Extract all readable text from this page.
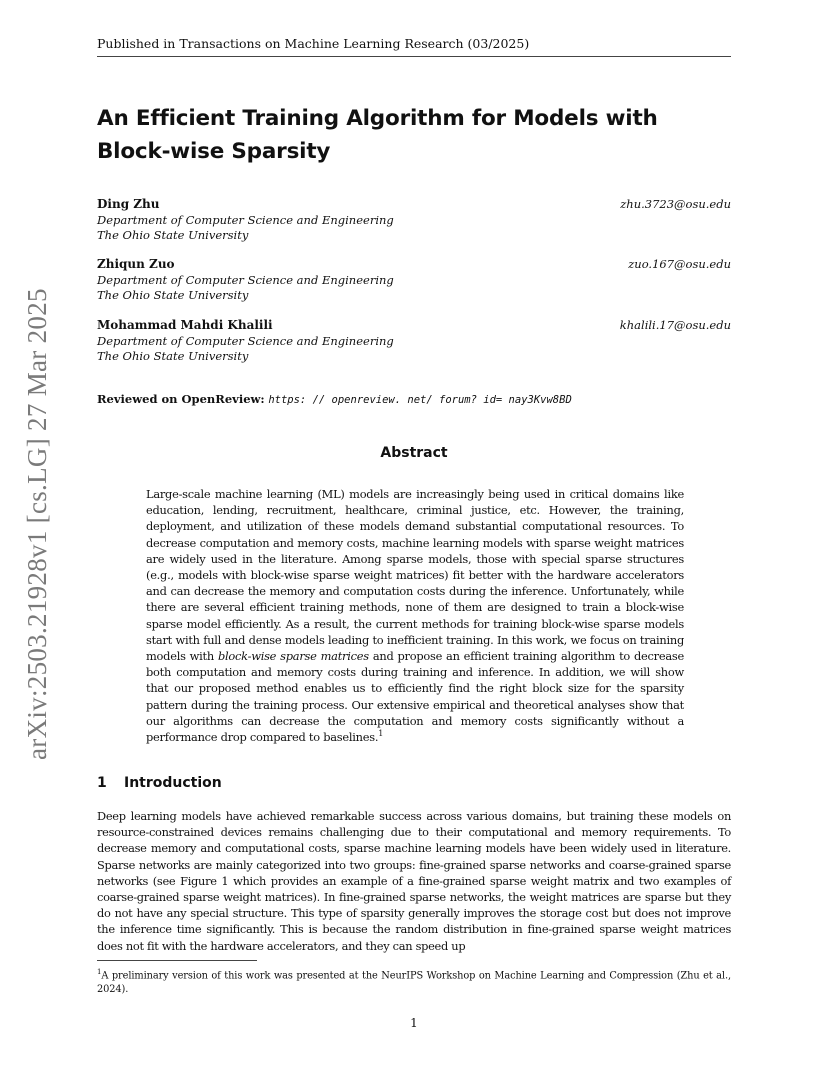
Published in Transactions on Machine Learning Research (03/2025)
An Efficient Training Algorithm for Models with Block-wise Sparsity
Ding Zhu	zhu.3723@osu.edu
Department of Computer Science and Engineering
The Ohio State University
Zhiqun Zuo	zuo.167@osu.edu
Department of Computer Science and Engineering
The Ohio State University
Mohammad Mahdi Khalili	khalili.17@osu.edu
Department of Computer Science and Engineering
The Ohio State University
Reviewed on OpenReview: https: // openreview. net/ forum? id= nay3Kvw8BD
Abstract
Large-scale machine learning (ML) models are increasingly being used in critical domains like education, lending, recruitment, healthcare, criminal justice, etc. However, the training, deployment, and utilization of these models demand substantial computational resources. To decrease computation and memory costs, machine learning models with sparse weight matrices are widely used in the literature. Among sparse models, those with special sparse structures (e.g., models with block-wise sparse weight matrices) fit better with the hardware accelerators and can decrease the memory and computation costs during the inference. Unfortunately, while there are several efficient training methods, none of them are designed to train a block-wise sparse model efficiently. As a result, the current methods for training block-wise sparse models start with full and dense models leading to inefficient training. In this work, we focus on training models with block-wise sparse matrices and propose an efficient training algorithm to decrease both computation and memory costs during training and inference. In addition, we will show that our proposed method enables us to efficiently find the right block size for the sparsity pattern during the training process. Our extensive empirical and theoretical analyses show that our algorithms can decrease the computation and memory costs significantly without a performance drop compared to baselines.$^1$
arXiv:2503.21928v1 [cs.LG] 27 Mar 2025
1 Introduction
Deep learning models have achieved remarkable success across various domains, but training these models on resource-constrained devices remains challenging due to their computational and memory requirements. To decrease memory and computational costs, sparse machine learning models have been widely used in literature. Sparse networks are mainly categorized into two groups: fine-grained sparse networks and coarse-grained sparse networks (see Figure 1 which provides an example of a fine-grained sparse weight matrix and two examples of coarse-grained sparse weight matrices). In fine-grained sparse networks, the weight matrices are sparse but they do not have any special structure. This type of sparsity generally improves the storage cost but does not improve the inference time significantly. This is because the random distribution in fine-grained sparse weight matrices does not fit with the hardware accelerators, and they can speed up
$^1$A preliminary version of this work was presented at the NeurIPS Workshop on Machine Learning and Compression (Zhu et al., 2024).
1
